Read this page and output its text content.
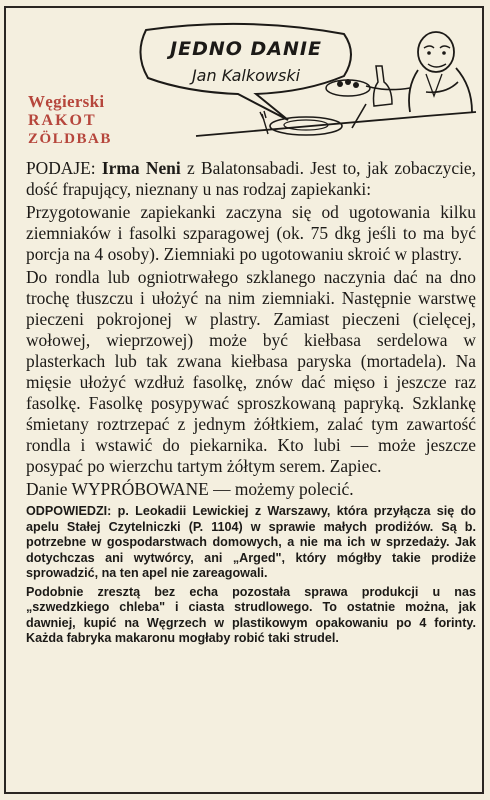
JEDNO DANIE
Jan Kalkowski
Węgierski
RAKOT
ZÖLDBAB

PODAJE: Irma Neni z Balatonsabadi. Jest to, jak zobaczycie, dość frapujący, nieznany u nas rodzaj zapiekanki:

Przygotowanie zapiekanki zaczyna się od ugotowania kilku ziemniaków i fasolki szparagowej (ok. 75 dkg jeśli to ma być porcja na 4 osoby). Ziemniaki po ugotowaniu skroić w plastry.

Do rondla lub ogniotrwałego szklanego naczynia dać na dno trochę tłuszczu i ułożyć na nim ziemniaki. Następnie warstwę pieczeni pokrojonej w plastry. Zamiast pieczeni (cielęcej, wołowej, wieprzowej) może być kiełbasa serdelowa w plasterkach lub tak zwana kiełbasa paryska (mortadela). Na mięsie ułożyć wzdłuż fasolkę, znów dać mięso i jeszcze raz fasolkę. Fasolkę posypywać sproszkowaną papryką. Szklankę śmietany roztrzepać z jednym żółtkiem, zalać tym zawartość rondla i wstawić do piekarnika. Kto lubi — może jeszcze posypać po wierzchu tartym żółtym serem. Zapiec.

Danie WYPRÓBOWANE — możemy polecić.

ODPOWIEDZI: p. Leokadii Lewickiej z Warszawy, która przyłącza się do apelu Stałej Czytelniczki (P. 1104) w sprawie małych prodiżów. Są b. potrzebne w gospodarstwach domowych, a nie ma ich w sprzedaży. Jak dotychczas ani wytwórcy, ani „Arged", który mógłby takie prodiże sprowadzić, na ten apel nie zareagowali.

Podobnie zresztą bez echa pozostała sprawa produkcji u nas „szwedzkiego chleba" i ciasta strudlowego. To ostatnie można, jak dawniej, kupić na Węgrzech w plastikowym opakowaniu po 4 forinty. Każda fabryka makaronu mogłaby robić taki strudel.
